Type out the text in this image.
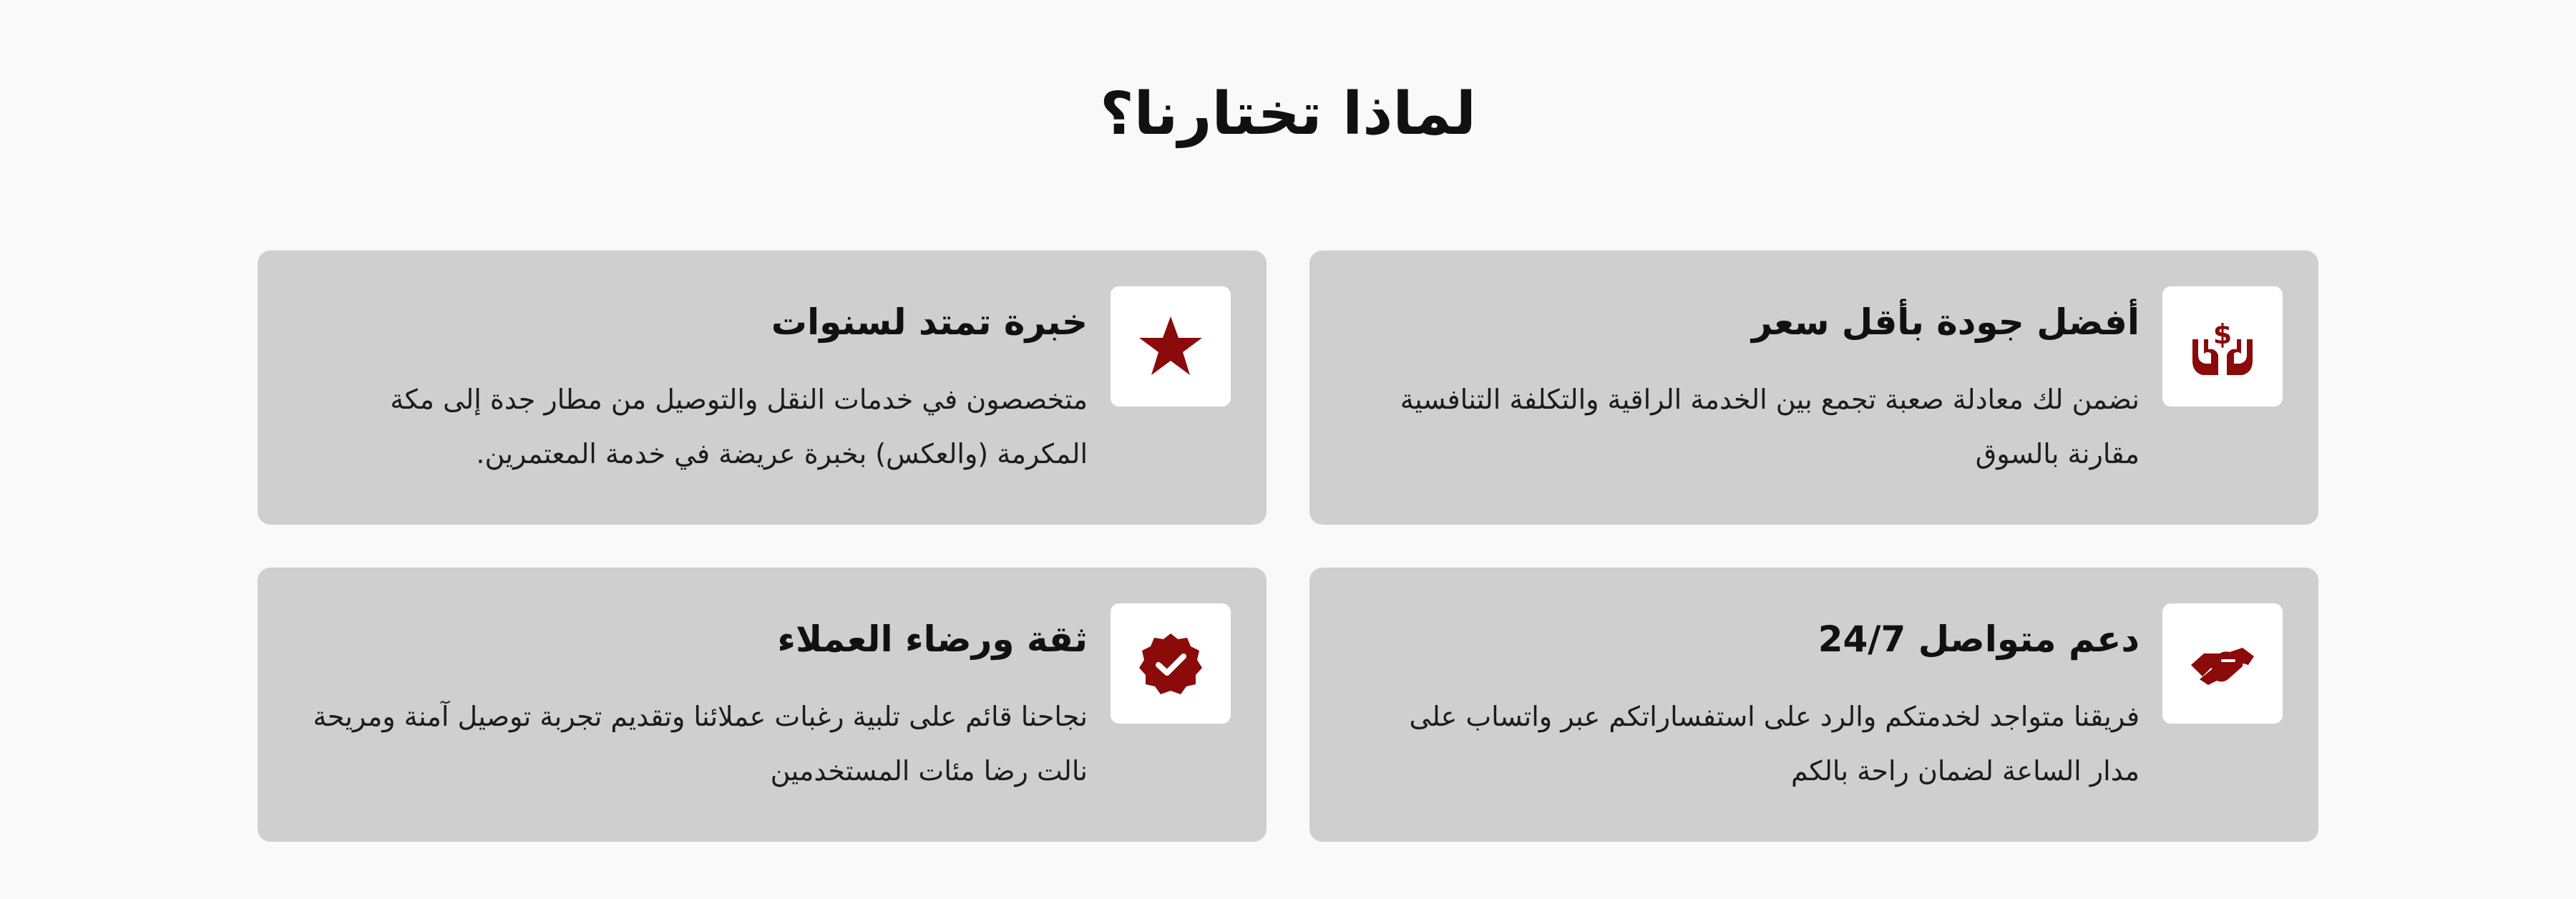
لماذا تختارنا؟
$
أفضل جودة بأقل سعر

نضمن لك معادلة صعبة تجمع بين الخدمة الراقية والتكلفة التنافسية مقارنة بالسوق

خبرة تمتد لسنوات

متخصصون في خدمات النقل والتوصيل من مطار جدة إلى مكة المكرمة (والعكس) بخبرة عريضة في خدمة المعتمرين.

دعم متواصل 24/7

فريقنا متواجد لخدمتكم والرد على استفساراتكم عبر واتساب على مدار الساعة لضمان راحة بالكم

ثقة ورضاء العملاء

نجاحنا قائم على تلبية رغبات عملائنا وتقديم تجربة توصيل آمنة ومريحة نالت رضا مئات المستخدمين
